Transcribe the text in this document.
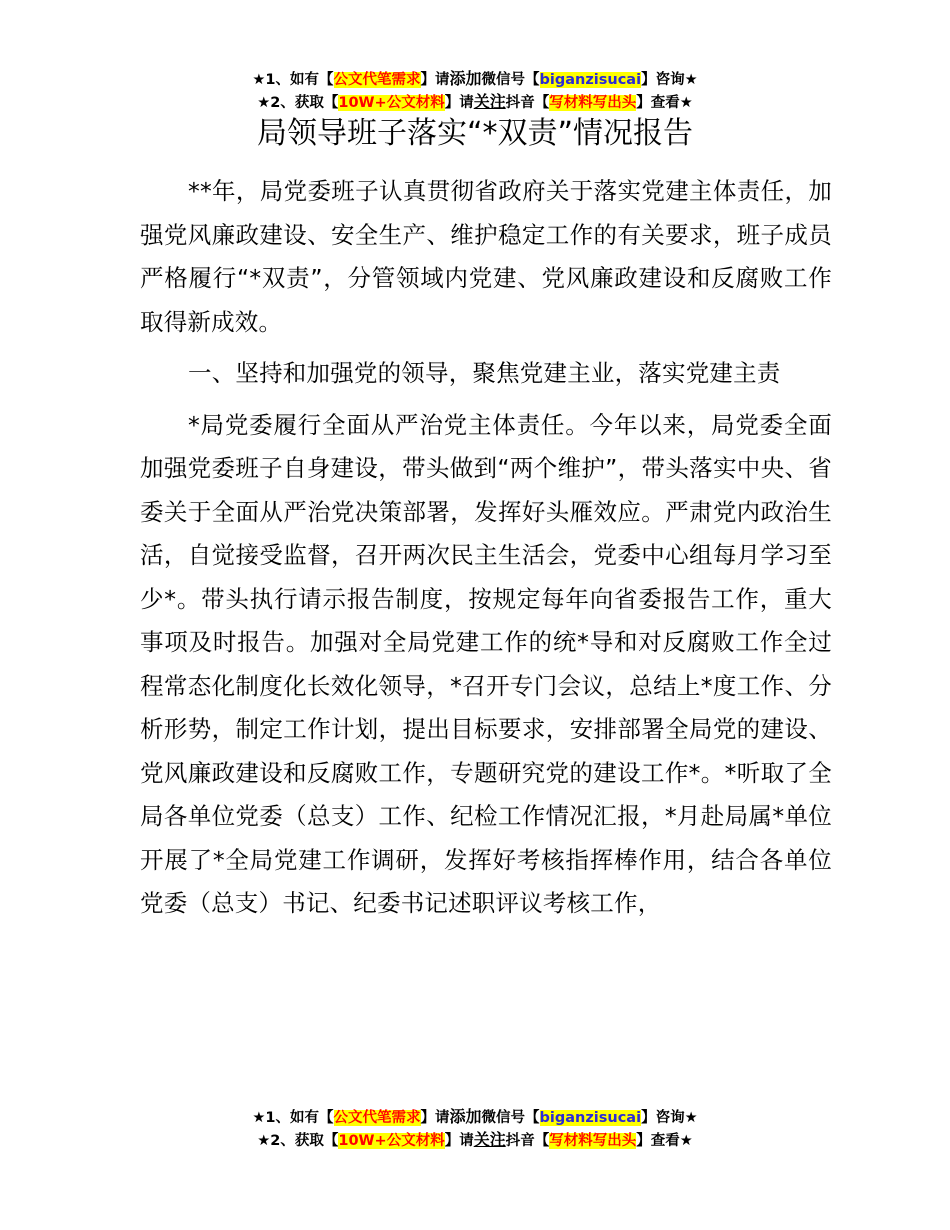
★1、如有【公文代笔需求】请添加微信号【biganzisucai】咨询★
★2、获取【10W+公文材料】请关注抖音【写材料写出头】查看★
局领导班子落实“*双责”情况报告

**年，局党委班子认真贯彻省政府关于落实党建主体责任，加强党风廉政建设、安全生产、维护稳定工作的有关要求，班子成员严格履行“*双责”，分管领域内党建、党风廉政建设和反腐败工作取得新成效。

一、坚持和加强党的领导，聚焦党建主业，落实党建主责

*局党委履行全面从严治党主体责任。今年以来，局党委全面加强党委班子自身建设，带头做到“两个维护”，带头落实中央、省委关于全面从严治党决策部署，发挥好头雁效应。严肃党内政治生活，自觉接受监督，召开两次民主生活会，党委中心组每月学习至少*。带头执行请示报告制度，按规定每年向省委报告工作，重大事项及时报告。加强对全局党建工作的统*导和对反腐败工作全过程常态化制度化长效化领导，*召开专门会议，总结上*度工作、分析形势，制定工作计划，提出目标要求，安排部署全局党的建设、党风廉政建设和反腐败工作，专题研究党的建设工作*。*听取了全局各单位党委（总支）工作、纪检工作情况汇报，*月赴局属*单位开展了*全局党建工作调研，发挥好考核指挥棒作用，结合各单位党委（总支）书记、纪委书记述职评议考核工作，

★1、如有【公文代笔需求】请添加微信号【biganzisucai】咨询★
★2、获取【10W+公文材料】请关注抖音【写材料写出头】查看★
